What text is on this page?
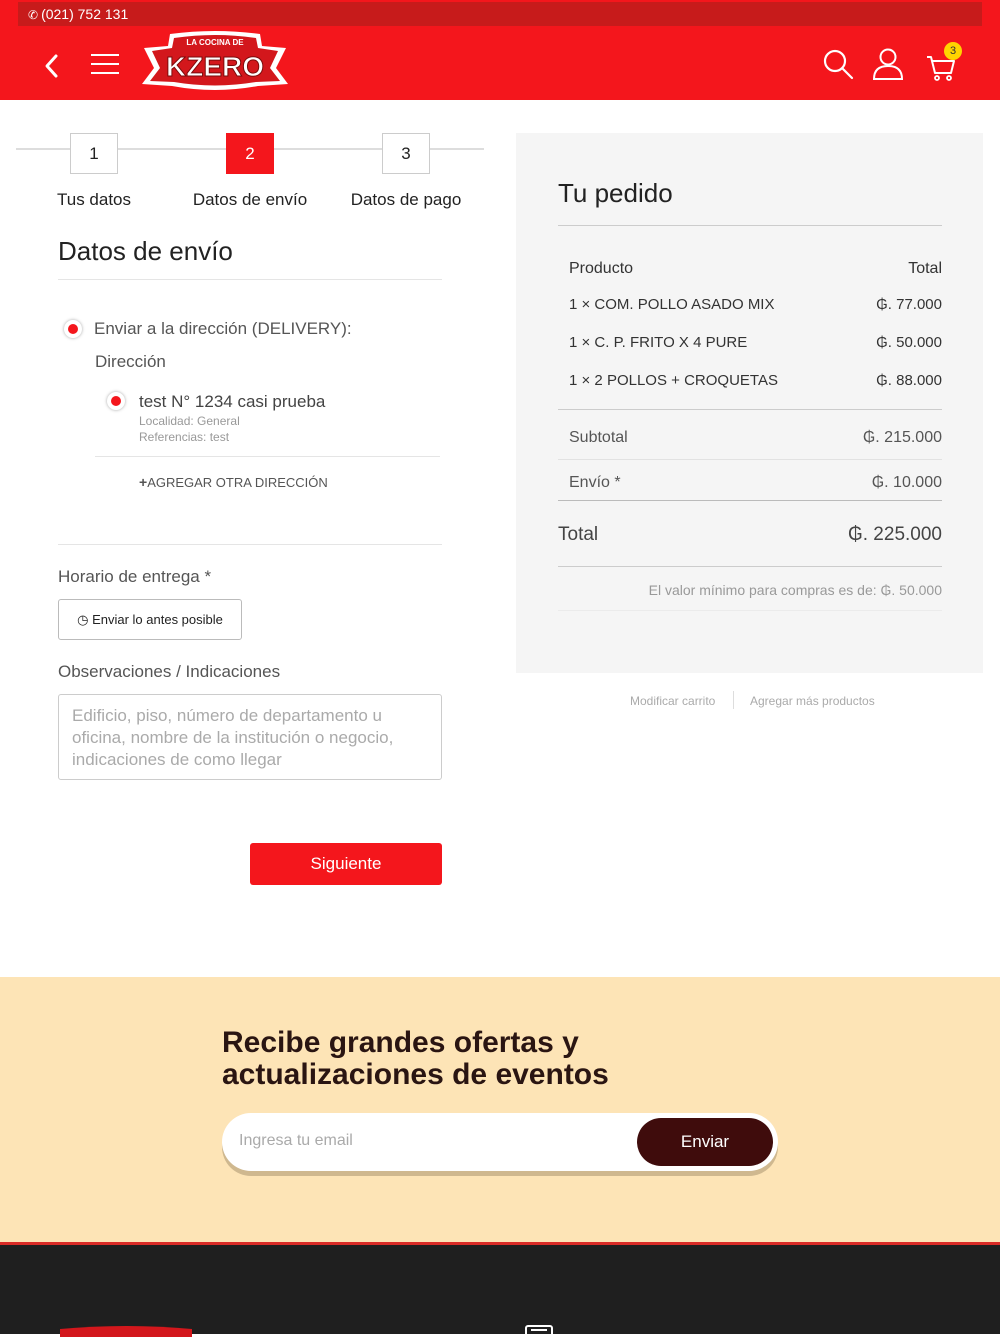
✆ (021) 752 131
LA COCINA DE
KZERO	3
1	2	3
Tus datos	Datos de envío	Datos de pago
Datos de envío
Enviar a la dirección (DELIVERY):
Dirección
test N° 1234 casi prueba
Localidad: General
Referencias: test
+AGREGAR OTRA DIRECCIÓN
Horario de entrega *
◷ Enviar lo antes posible
Observaciones / Indicaciones
Edificio, piso, número de departamento u oficina, nombre de la institución o negocio, indicaciones de como llegar
Siguiente
Tu pedido
Producto	Total
1 × COM. POLLO ASADO MIX	₲. 77.000
1 × C. P. FRITO X 4 PURE	₲. 50.000
1 × 2 POLLOS + CROQUETAS	₲. 88.000
Subtotal	₲. 215.000
Envío *	₲. 10.000
Total	₲. 225.000
El valor mínimo para compras es de: ₲. 50.000
Modificar carrito	Agregar más productos
Recibe grandes ofertas y actualizaciones de eventos
Ingresa tu email	Enviar
